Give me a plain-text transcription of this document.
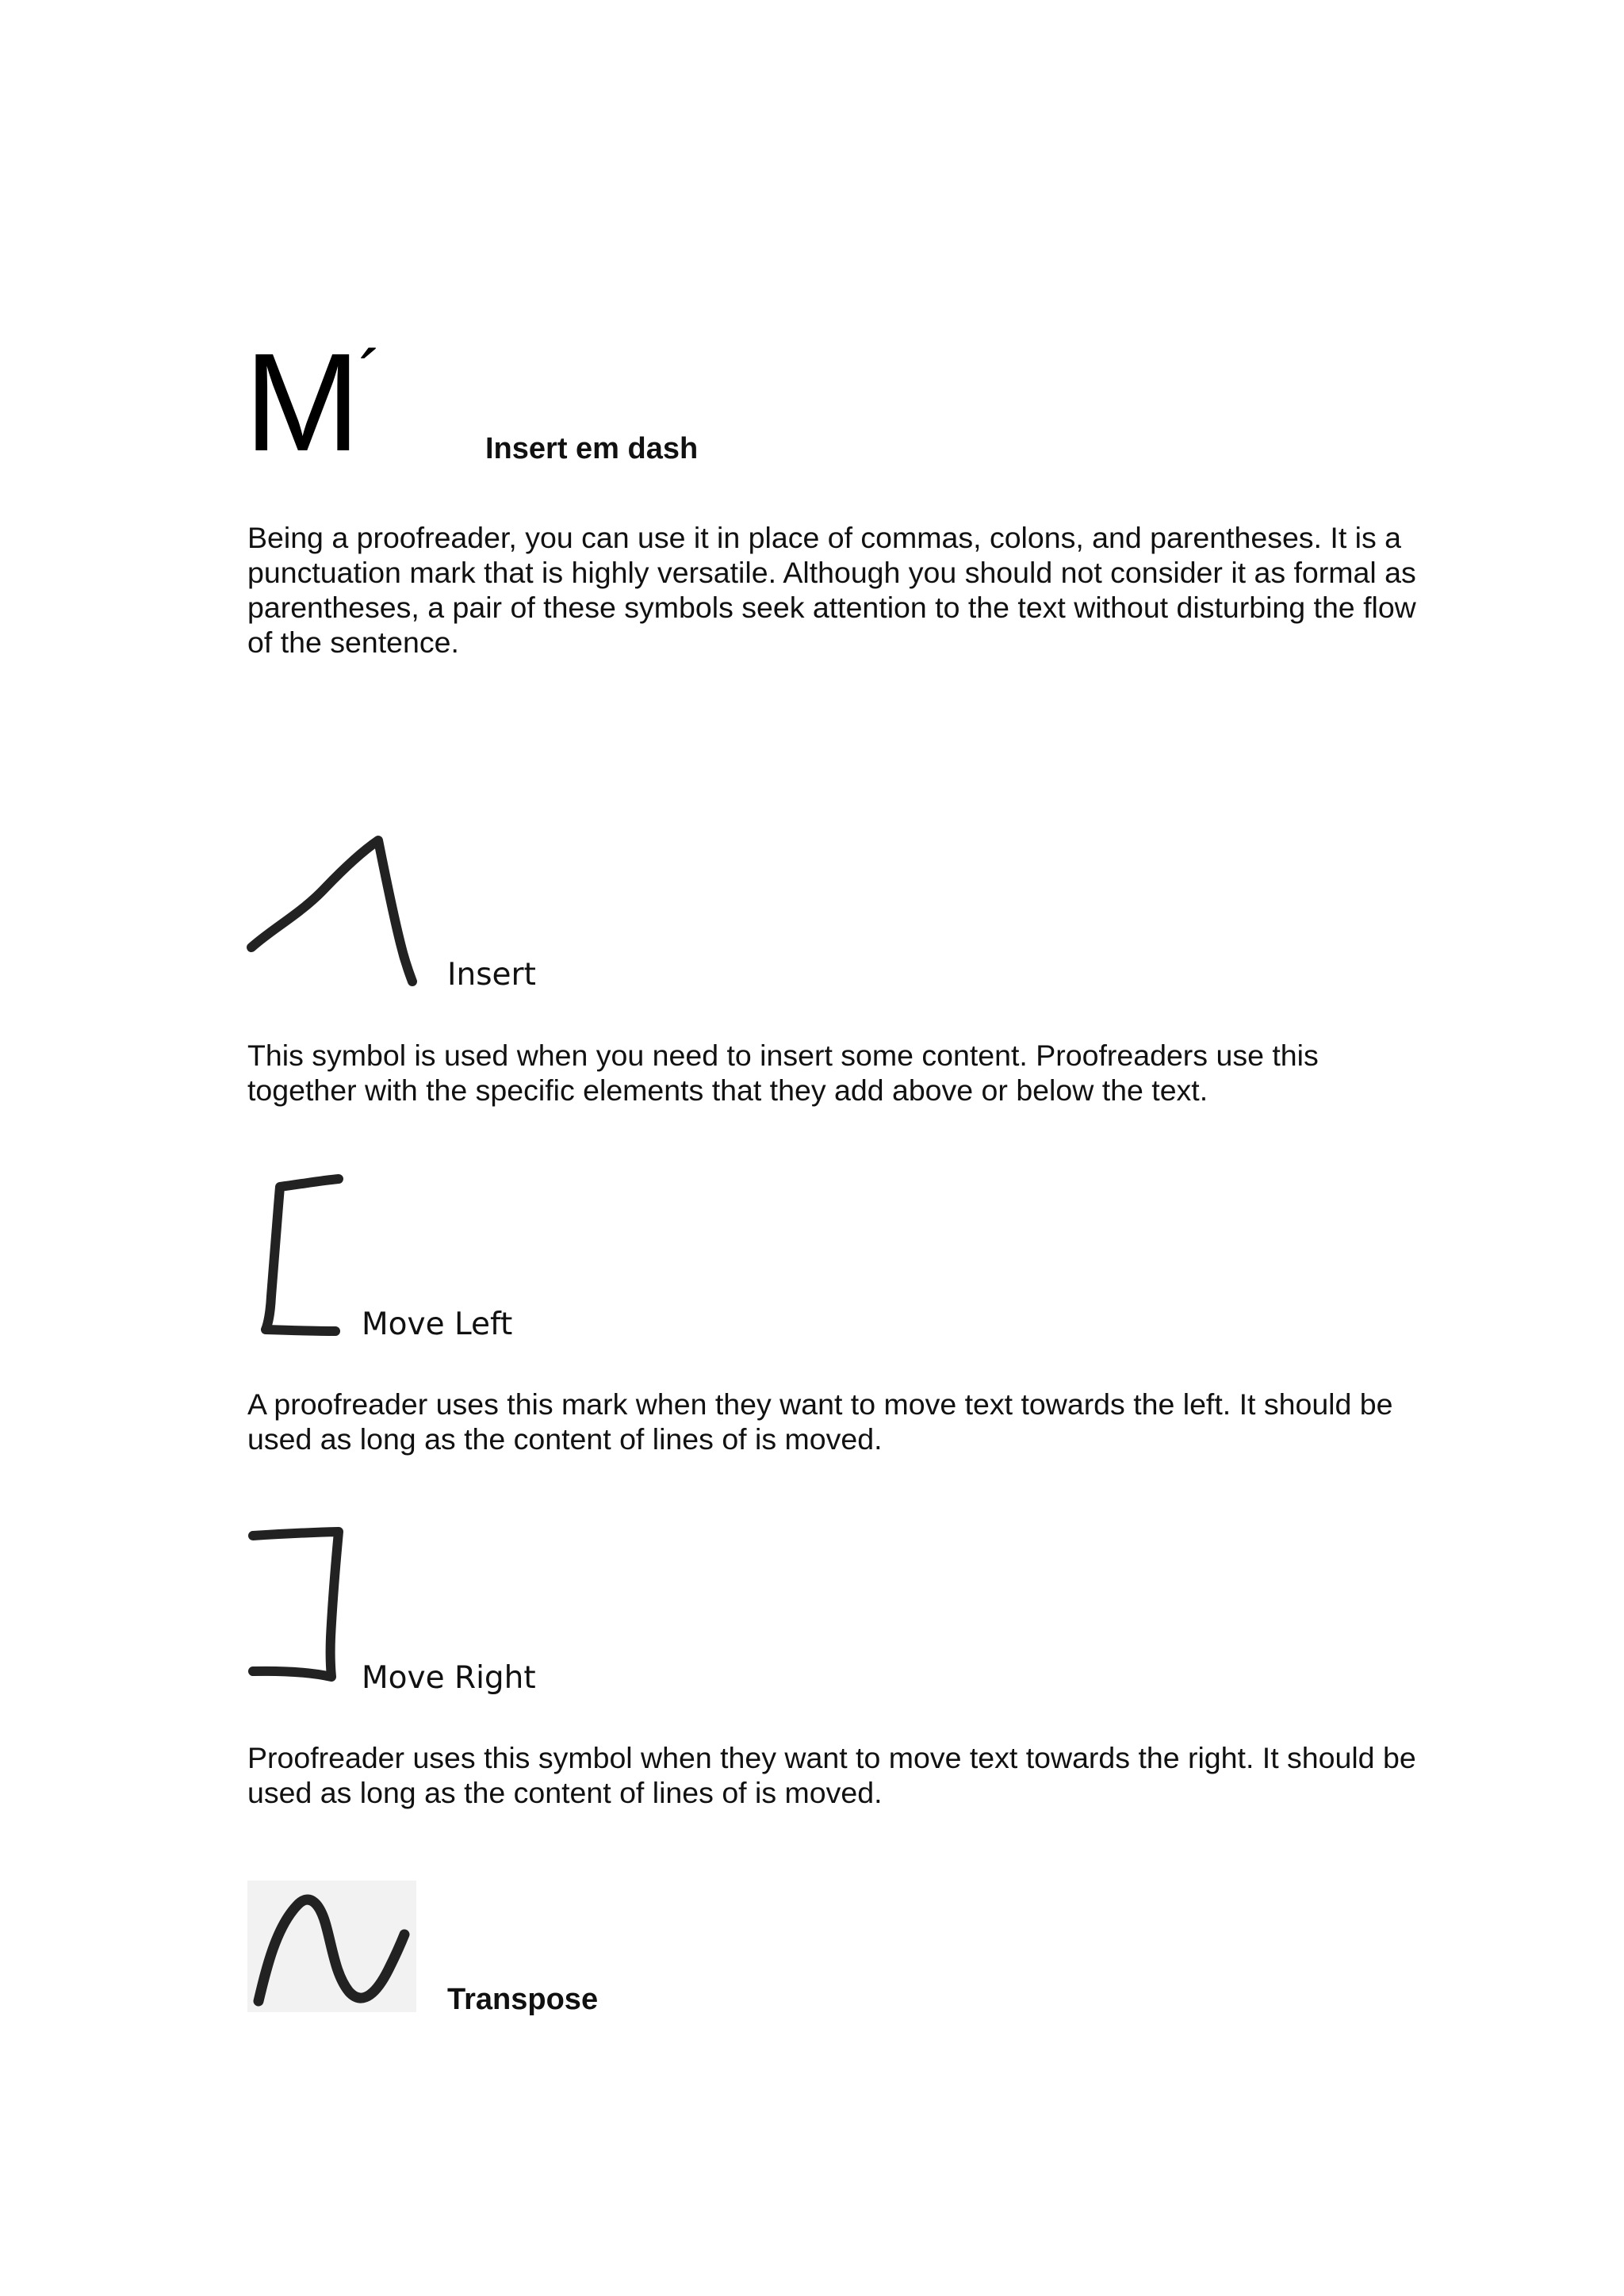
M
´
Insert em dash

Being a proofreader, you can use it in place of commas, colons, and parentheses. It is a punctuation mark that is highly versatile. Although you should not consider it as formal as parentheses, a pair of these symbols seek attention to the text without disturbing the flow of the sentence.

Insert

This symbol is used when you need to insert some content. Proofreaders use this together with the specific elements that they add above or below the text.

Move Left

A proofreader uses this mark when they want to move text towards the left. It should be used as long as the content of lines of is moved.

Move Right

Proofreader uses this symbol when they want to move text towards the right. It should be used as long as the content of lines of is moved.

Transpose
